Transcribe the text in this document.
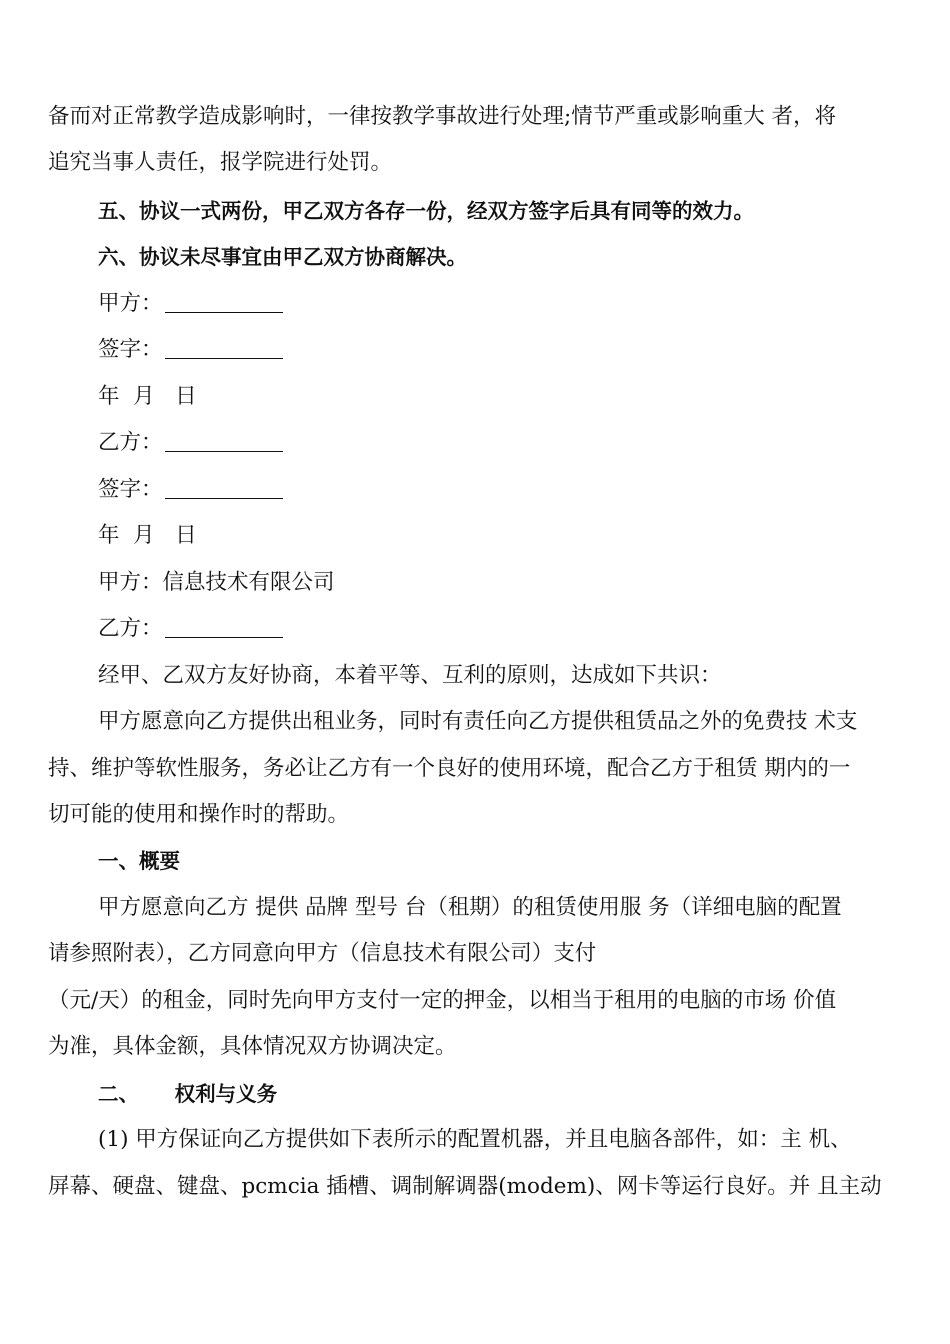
备而对正常教学造成影响时，一律按教学事故进行处理;情节严重或影响重大 者，将
追究当事人责任，报学院进行处罚。
五、协议一式两份，甲乙双方各存一份，经双方签字后具有同等的效力。
六、协议未尽事宜由甲乙双方协商解决。
甲方：
签字：
年  月   日
乙方：
签字：
年  月   日
甲方：信息技术有限公司
乙方：
经甲、乙双方友好协商，本着平等、互利的原则，达成如下共识：
甲方愿意向乙方提供出租业务，同时有责任向乙方提供租赁品之外的免费技 术支
持、维护等软性服务，务必让乙方有一个良好的使用环境，配合乙方于租赁 期内的一
切可能的使用和操作时的帮助。
一、概要
甲方愿意向乙方 提供 品牌 型号 台（租期）的租赁使用服 务（详细电脑的配置
请参照附表），乙方同意向甲方（信息技术有限公司）支付
（元/天）的租金，同时先向甲方支付一定的押金，以相当于租用的电脑的市场 价值
为准，具体金额，具体情况双方协调决定。
二、     权利与义务
(1) 甲方保证向乙方提供如下表所示的配置机器，并且电脑各部件，如：主 机、
屏幕、硬盘、键盘、pcmcia 插槽、调制解调器(modem)、网卡等运行良好。并 且主动
